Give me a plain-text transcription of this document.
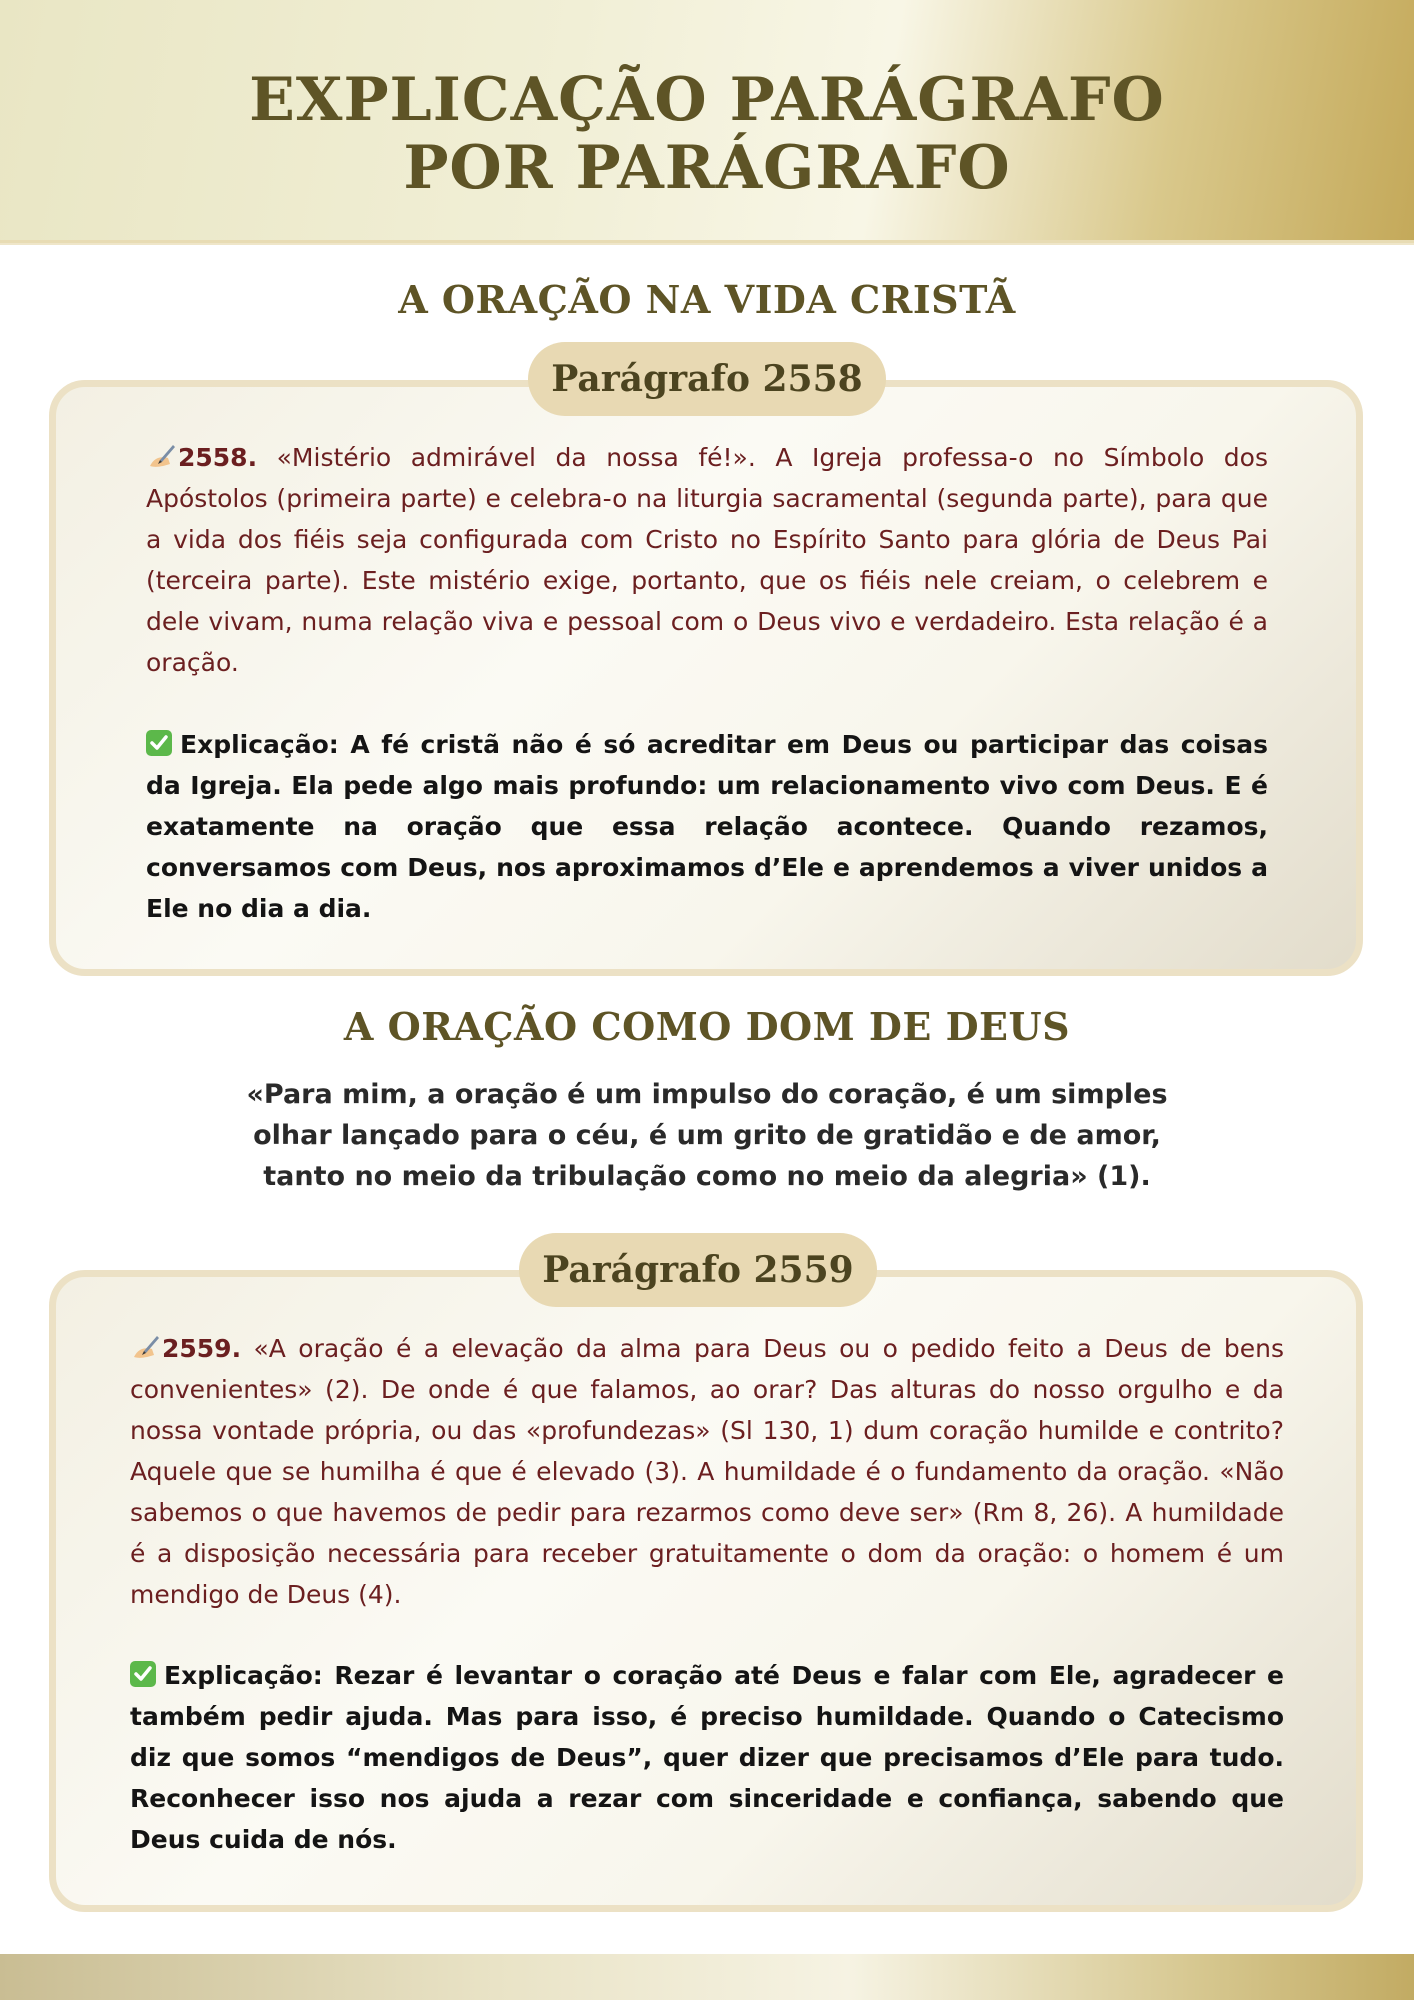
EXPLICAÇÃO PARÁGRAFO
POR PARÁGRAFO
A ORAÇÃO NA VIDA CRISTÃ
Parágrafo 2558

2558. «Mistério admirável da nossa fé!». A Igreja professa-o no Símbolo dos Apóstolos (primeira parte) e celebra-o na liturgia sacramental (segunda parte), para que a vida dos fiéis seja configurada com Cristo no Espírito Santo para glória de Deus Pai (terceira parte). Este mistério exige, portanto, que os fiéis nele creiam, o celebrem e dele vivam, numa relação viva e pessoal com o Deus vivo e verdadeiro. Esta relação é a oração.

Explicação: A fé cristã não é só acreditar em Deus ou participar das coisas da Igreja. Ela pede algo mais profundo: um relacionamento vivo com Deus. E é exatamente na oração que essa relação acontece. Quando rezamos, conversamos com Deus, nos aproximamos d’Ele e aprendemos a viver unidos a Ele no dia a dia.

A ORAÇÃO COMO DOM DE DEUS

«Para mim, a oração é um impulso do coração, é um simples
olhar lançado para o céu, é um grito de gratidão e de amor,
tanto no meio da tribulação como no meio da alegria» (1).

Parágrafo 2559

2559. «A oração é a elevação da alma para Deus ou o pedido feito a Deus de bens convenientes» (2). De onde é que falamos, ao orar? Das alturas do nosso orgulho e da nossa vontade própria, ou das «profundezas» (Sl 130, 1) dum coração humilde e contrito? Aquele que se humilha é que é elevado (3). A humildade é o fundamento da oração. «Não sabemos o que havemos de pedir para rezarmos como deve ser» (Rm 8, 26). A humildade é a disposição necessária para receber gratuitamente o dom da oração: o homem é um mendigo de Deus (4).

Explicação: Rezar é levantar o coração até Deus e falar com Ele, agradecer e também pedir ajuda. Mas para isso, é preciso humildade. Quando o Catecismo diz que somos “mendigos de Deus”, quer dizer que precisamos d’Ele para tudo. Reconhecer isso nos ajuda a rezar com sinceridade e confiança, sabendo que Deus cuida de nós.
